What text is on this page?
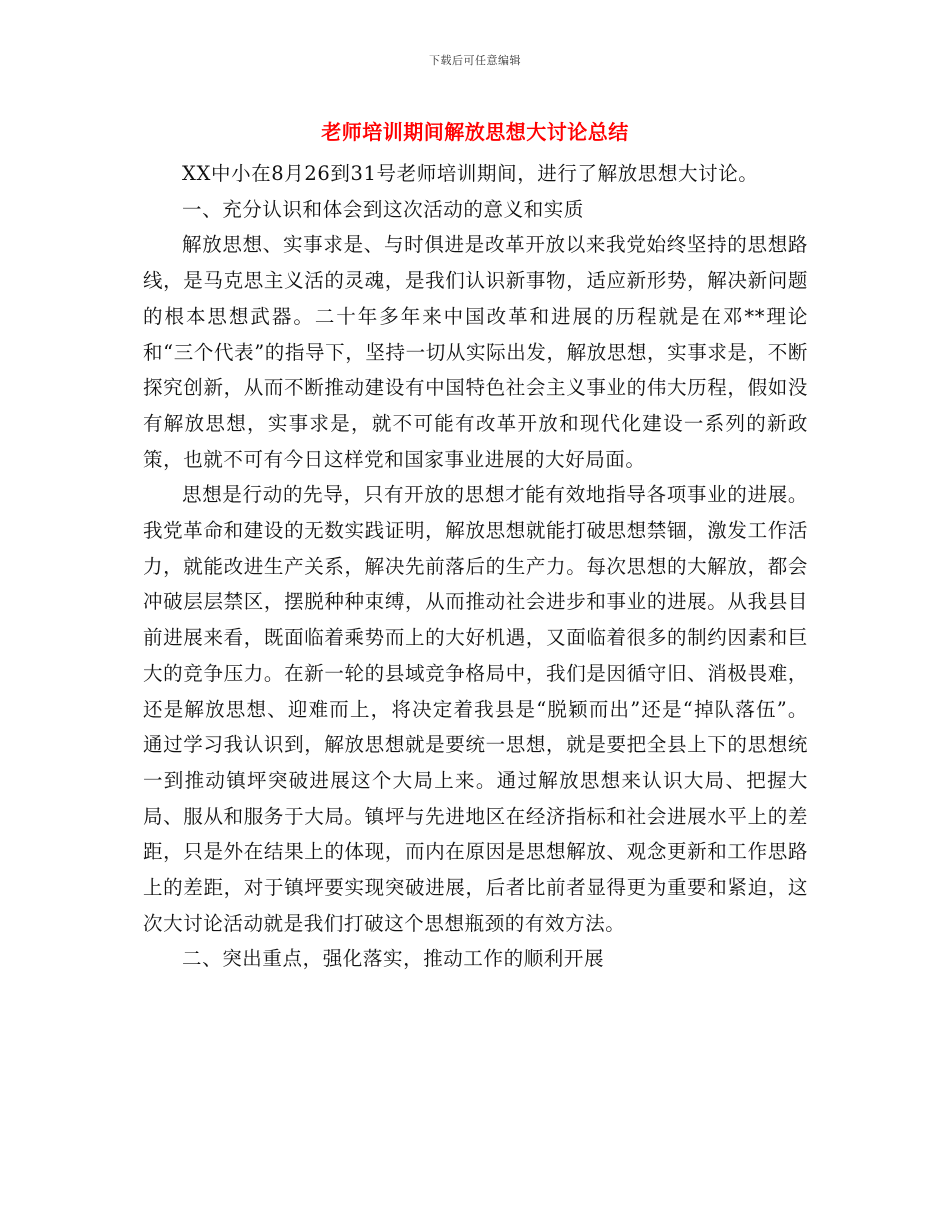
下载后可任意编辑
老师培训期间解放思想大讨论总结

XX中小在8月26到31号老师培训期间，进行了解放思想大讨论。

一、充分认识和体会到这次活动的意义和实质

解放思想、实事求是、与时俱进是改革开放以来我党始终坚持的思想路线，是马克思主义活的灵魂，是我们认识新事物，适应新形势，解决新问题的根本思想武器。二十年多年来中国改革和进展的历程就是在邓**理论和“三个代表”的指导下，坚持一切从实际出发，解放思想，实事求是，不断探究创新，从而不断推动建设有中国特色社会主义事业的伟大历程，假如没有解放思想，实事求是，就不可能有改革开放和现代化建设一系列的新政策，也就不可有今日这样党和国家事业进展的大好局面。

思想是行动的先导，只有开放的思想才能有效地指导各项事业的进展。我党革命和建设的无数实践证明，解放思想就能打破思想禁锢，激发工作活力，就能改进生产关系，解决先前落后的生产力。每次思想的大解放，都会冲破层层禁区，摆脱种种束缚，从而推动社会进步和事业的进展。从我县目前进展来看，既面临着乘势而上的大好机遇，又面临着很多的制约因素和巨大的竞争压力。在新一轮的县域竞争格局中，我们是因循守旧、消极畏难，还是解放思想、迎难而上，将决定着我县是“脱颖而出”还是“掉队落伍”。通过学习我认识到，解放思想就是要统一思想，就是要把全县上下的思想统一到推动镇坪突破进展这个大局上来。通过解放思想来认识大局、把握大局、服从和服务于大局。镇坪与先进地区在经济指标和社会进展水平上的差距，只是外在结果上的体现，而内在原因是思想解放、观念更新和工作思路上的差距，对于镇坪要实现突破进展，后者比前者显得更为重要和紧迫，这次大讨论活动就是我们打破这个思想瓶颈的有效方法。

二、突出重点，强化落实，推动工作的顺利开展
